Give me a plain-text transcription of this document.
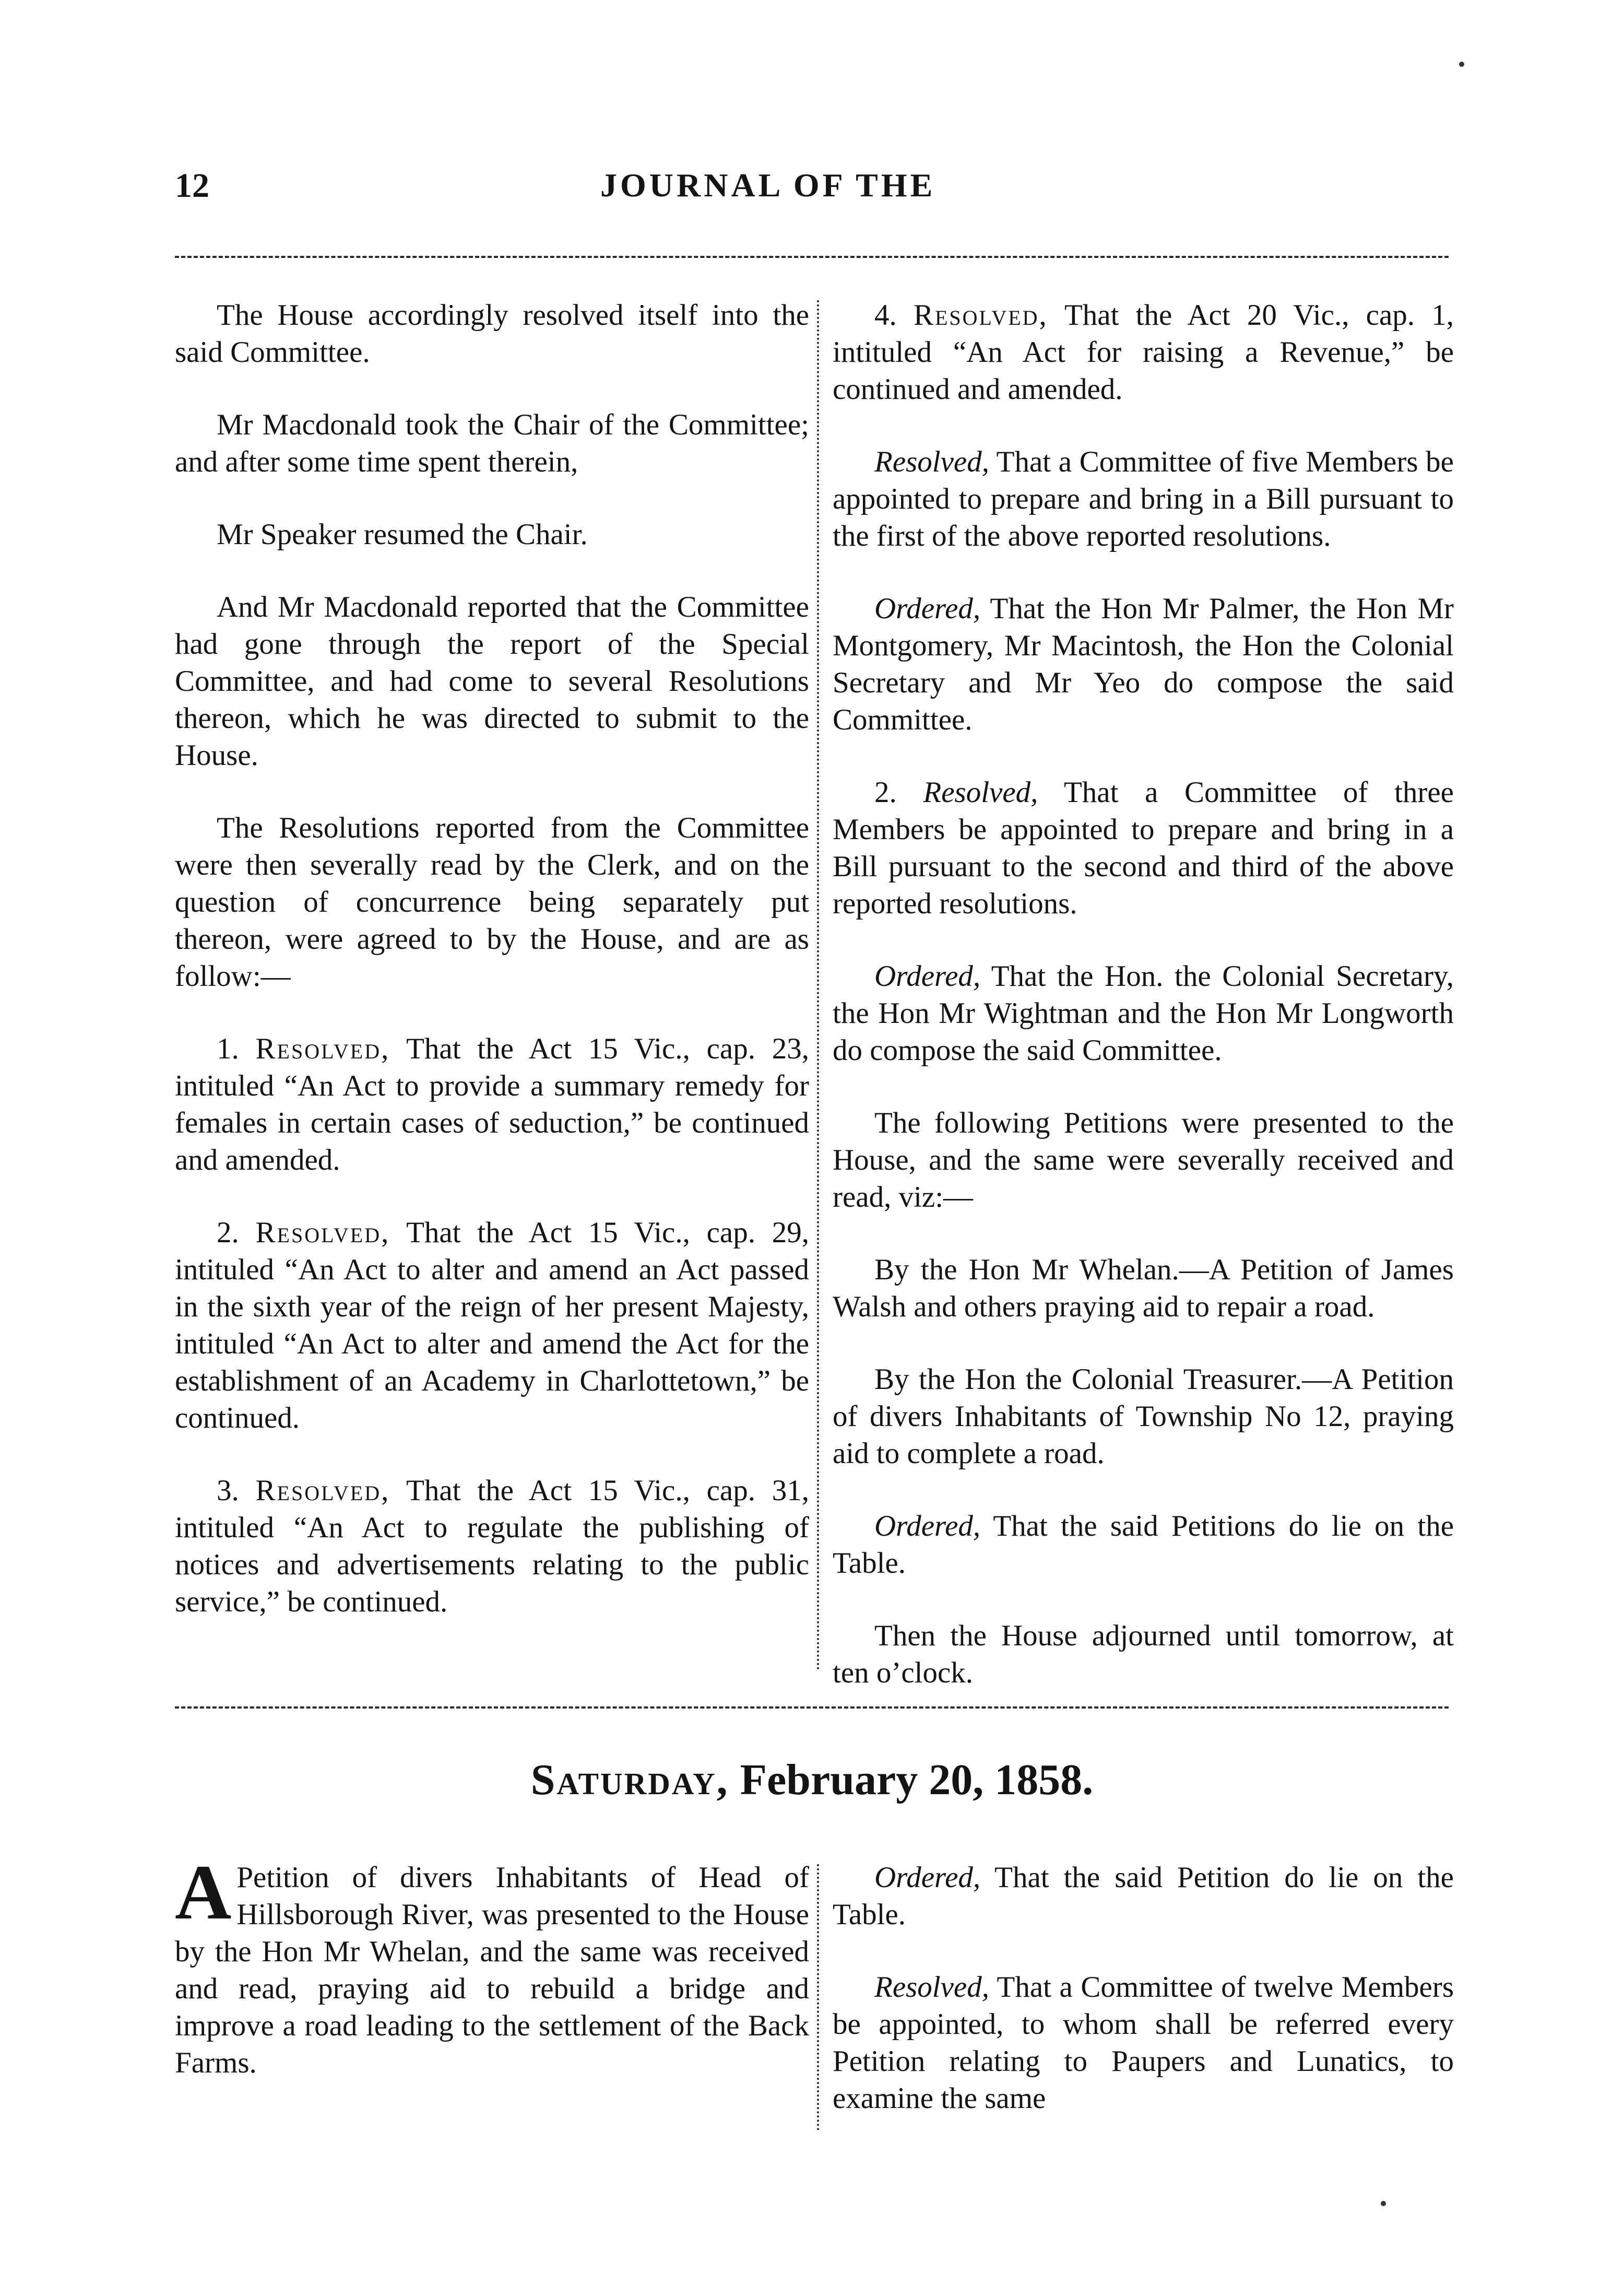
12	JOURNAL OF THE

The House accordingly resolved itself into the said Committee.

Mr Macdonald took the Chair of the Committee; and after some time spent therein,

Mr Speaker resumed the Chair.

And Mr Macdonald reported that the Committee had gone through the report of the Special Committee, and had come to several Resolutions thereon, which he was directed to submit to the House.

The Resolutions reported from the Committee were then severally read by the Clerk, and on the question of concurrence being separately put thereon, were agreed to by the House, and are as follow:—

1. Resolved, That the Act 15 Vic., cap. 23, intituled “An Act to provide a summary remedy for females in certain cases of seduction,” be continued and amended.

2. Resolved, That the Act 15 Vic., cap. 29, intituled “An Act to alter and amend an Act passed in the sixth year of the reign of her present Majesty, intituled “An Act to alter and amend the Act for the establishment of an Academy in Charlottetown,” be continued.

3. Resolved, That the Act 15 Vic., cap. 31, intituled “An Act to regulate the publishing of notices and advertisements relating to the public service,” be continued.

4. Resolved, That the Act 20 Vic., cap. 1, intituled “An Act for raising a Revenue,” be continued and amended.

Resolved, That a Committee of five Members be appointed to prepare and bring in a Bill pursuant to the first of the above reported resolutions.

Ordered, That the Hon Mr Palmer, the Hon Mr Montgomery, Mr Macintosh, the Hon the Colonial Secretary and Mr Yeo do compose the said Committee.

2. Resolved, That a Committee of three Members be appointed to prepare and bring in a Bill pursuant to the second and third of the above reported resolutions.

Ordered, That the Hon. the Colonial Secretary, the Hon Mr Wightman and the Hon Mr Longworth do compose the said Committee.

The following Petitions were presented to the House, and the same were severally received and read, viz:—

By the Hon Mr Whelan.—A Petition of James Walsh and others praying aid to repair a road.

By the Hon the Colonial Treasurer.—A Petition of divers Inhabitants of Township No 12, praying aid to complete a road.

Ordered, That the said Petitions do lie on the Table.

Then the House adjourned until tomorrow, at ten o’clock.

Saturday, February 20, 1858.

A Petition of divers Inhabitants of Head of Hillsborough River, was presented to the House by the Hon Mr Whelan, and the same was received and read, praying aid to rebuild a bridge and improve a road leading to the settlement of the Back Farms.

Ordered, That the said Petition do lie on the Table.

Resolved, That a Committee of twelve Members be appointed, to whom shall be referred every Petition relating to Paupers and Lunatics, to examine the same
